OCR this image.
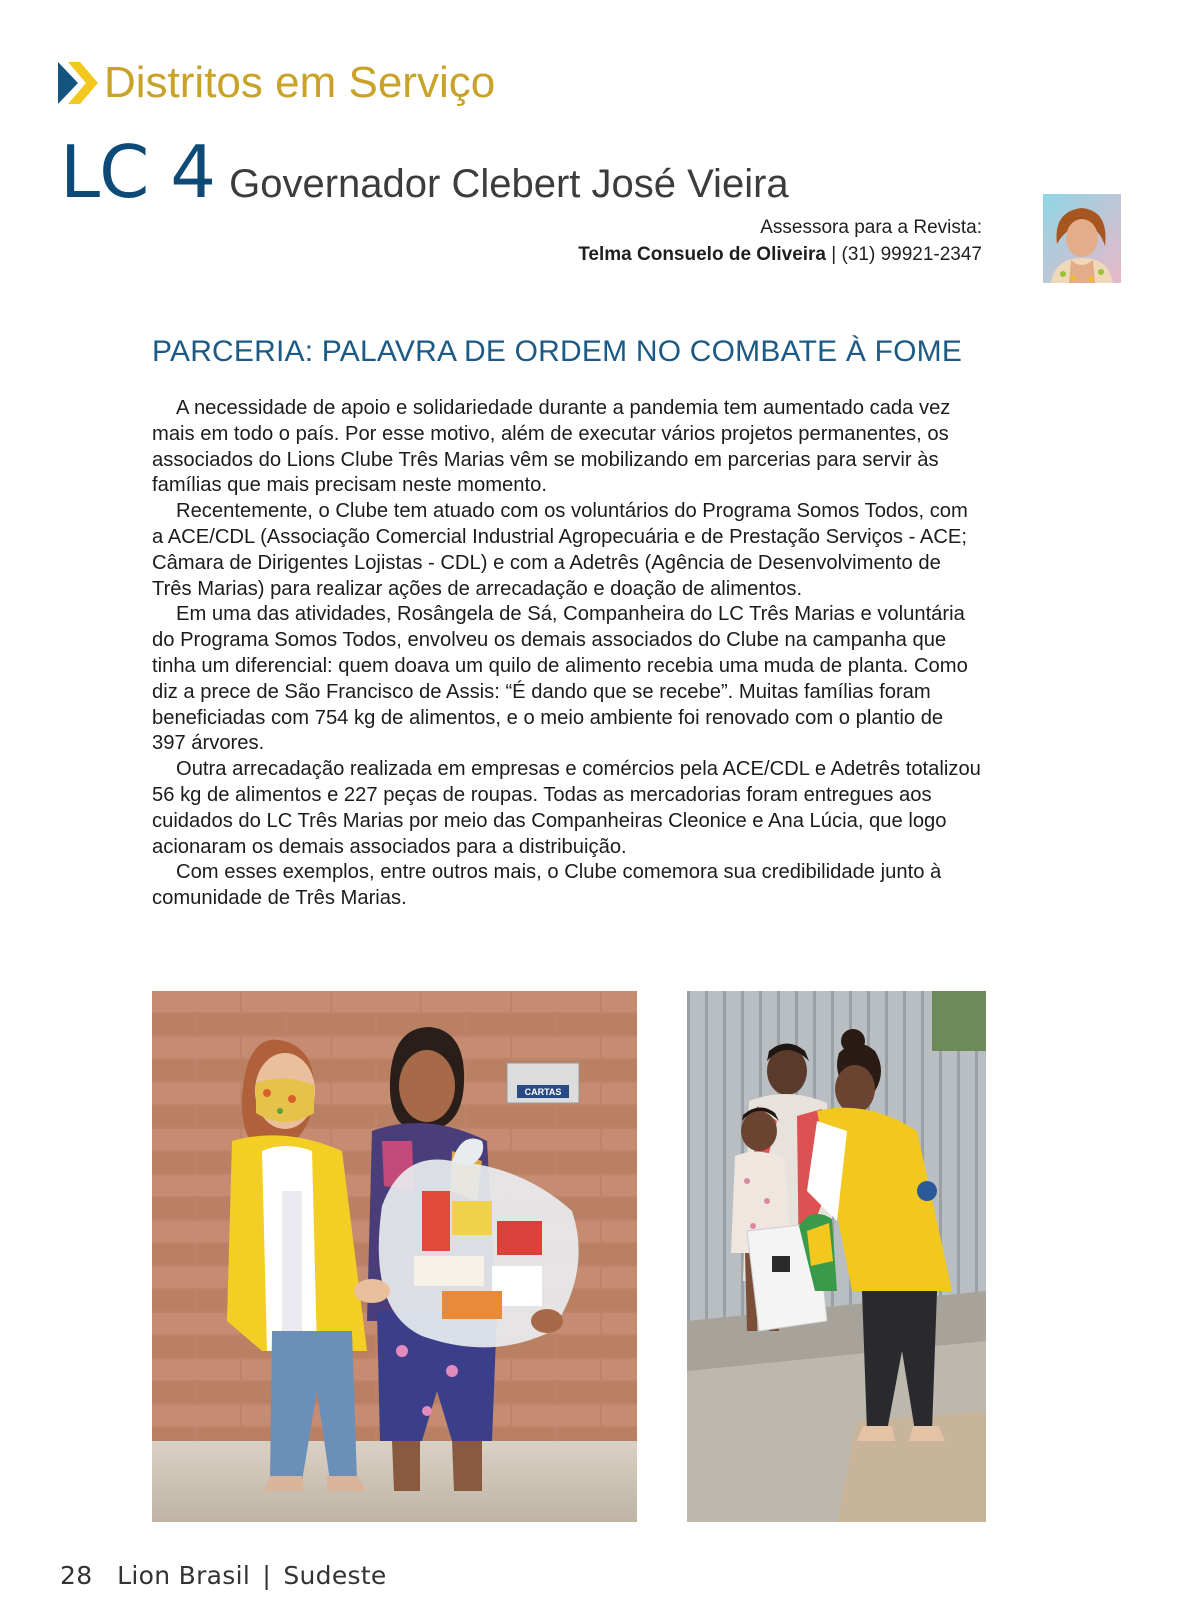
Distritos em Serviço
LC 4 Governador Clebert José Vieira
Assessora para a Revista:
Telma Consuelo de Oliveira | (31) 99921-2347
PARCERIA: PALAVRA DE ORDEM NO COMBATE À FOME

A necessidade de apoio e solidariedade durante a pandemia tem aumentado cada vez mais em todo o país. Por esse motivo, além de executar vários projetos permanentes, os associados do Lions Clube Três Marias vêm se mobilizando em parcerias para servir às famílias que mais precisam neste momento.

Recentemente, o Clube tem atuado com os voluntários do Programa Somos Todos, com a ACE/CDL (Associação Comercial Industrial Agropecuária e de Prestação Serviços - ACE; Câmara de Dirigentes Lojistas - CDL) e com a Adetrês (Agência de Desenvolvimento de Três Marias) para realizar ações de arrecadação e doação de alimentos.

Em uma das atividades, Rosângela de Sá, Companheira do LC Três Marias e voluntária do Programa Somos Todos, envolveu os demais associados do Clube na campanha que tinha um diferencial: quem doava um quilo de alimento recebia uma muda de planta. Como diz a prece de São Francisco de Assis: “É dando que se recebe”. Muitas famílias foram beneficiadas com 754 kg de alimentos, e o meio ambiente foi renovado com o plantio de 397 árvores.

Outra arrecadação realizada em empresas e comércios pela ACE/CDL e Adetrês totalizou 56 kg de alimentos e 227 peças de roupas. Todas as mercadorias foram entregues aos cuidados do LC Três Marias por meio das Companheiras Cleonice e Ana Lúcia, que logo acionaram os demais associados para a distribuição.

Com esses exemplos, entre outros mais, o Clube comemora sua credibilidade junto à comunidade de Três Marias.

CARTAS
28 Lion Brasil | Sudeste
